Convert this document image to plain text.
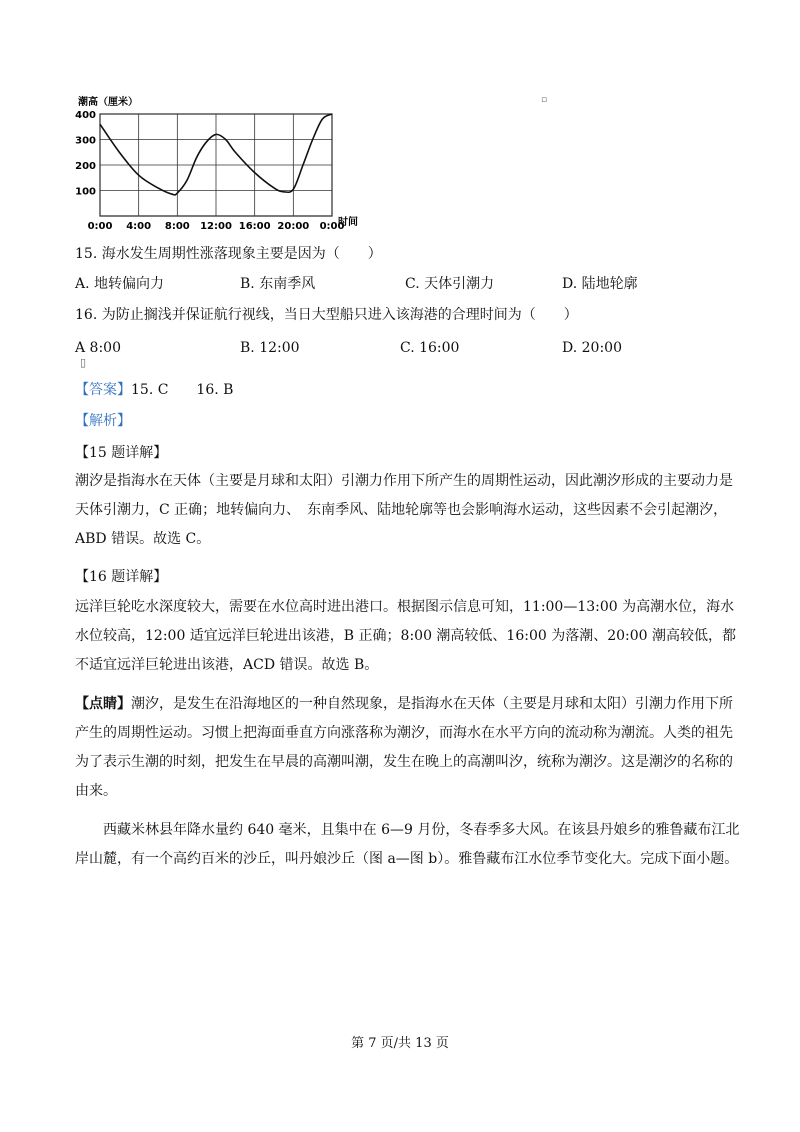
100
200
300
400
0:00 4:00 8:00 12:00 16:00 20:00 0:00
潮高（厘米）
时间
▫
15. 海水发生周期性涨落现象主要是因为（　　）
A. 地转偏向力	B. 东南季风	C. 天体引潮力	D. 陆地轮廓
16. 为防止搁浅并保证航行视线，当日大型船只进入该海港的合理时间为（　　）
A 8:00	B. 12:00	C. 16:00	D. 20:00
▯
【答案】15. C　　16. B
【解析】
【15 题详解】
潮汐是指海水在天体（主要是月球和太阳）引潮力作用下所产生的周期性运动，因此潮汐形成的主要动力是天体引潮力，C 正确；地转偏向力、　东南季风、陆地轮廓等也会影响海水运动，这些因素不会引起潮汐，ABD 错误。故选 C。
【16 题详解】
远洋巨轮吃水深度较大，需要在水位高时进出港口。根据图示信息可知，11:00—13:00 为高潮水位，海水水位较高，12:00 适宜远洋巨轮进出该港，B 正确；8:00 潮高较低、16:00 为落潮、20:00 潮高较低，都不适宜远洋巨轮进出该港，ACD 错误。故选 B。
【点睛】潮汐，是发生在沿海地区的一种自然现象，是指海水在天体（主要是月球和太阳）引潮力作用下所产生的周期性运动。习惯上把海面垂直方向涨落称为潮汐，而海水在水平方向的流动称为潮流。人类的祖先为了表示生潮的时刻，把发生在早晨的高潮叫潮，发生在晚上的高潮叫汐，统称为潮汐。这是潮汐的名称的由来。
西藏米林县年降水量约 640 毫米，且集中在 6—9 月份，冬春季多大风。在该县丹娘乡的雅鲁藏布江北岸山麓，有一个高约百米的沙丘，叫丹娘沙丘（图 a—图 b）。雅鲁藏布江水位季节变化大。完成下面小题。
第 7 页/共 13 页
